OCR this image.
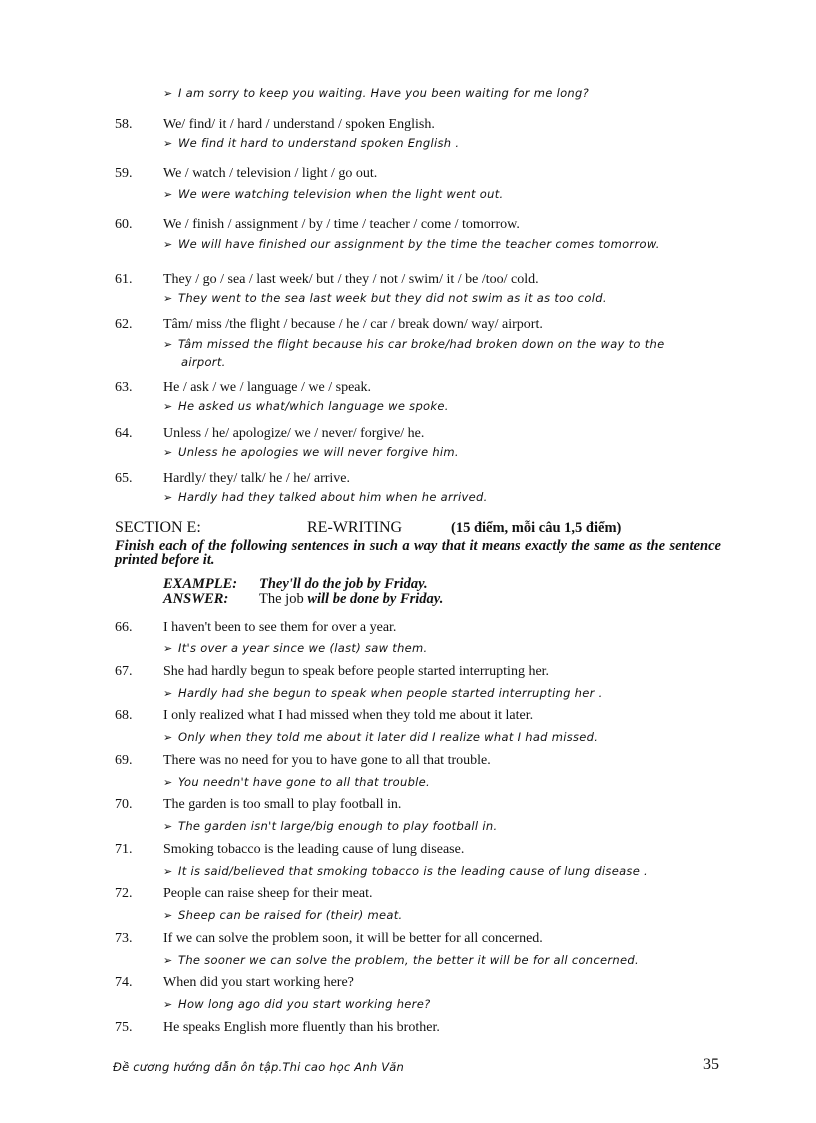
➢ I am sorry to keep you waiting. Have you been waiting for me long?
58. We/ find/ it / hard / understand / spoken English.
➢ We find it hard to understand spoken English .
59. We / watch / television / light / go out.
➢ We were watching television when the light went out.
60. We / finish / assignment / by / time / teacher / come / tomorrow.
➢ We will have finished our assignment by the time the teacher comes tomorrow.
61. They / go / sea / last week/ but / they / not / swim/ it / be /too/ cold.
➢ They went to the sea last week but they did not swim as it as too cold.
62. Tâm/ miss /the flight / because / he / car / break down/ way/ airport.
➢ Tâm missed the flight because his car broke/had broken down on the way to the
airport.
63. He / ask / we / language / we / speak.
➢ He asked us what/which language we spoke.
64. Unless / he/ apologize/ we / never/ forgive/ he.
➢ Unless he apologies we will never forgive him.
65. Hardly/ they/ talk/ he / he/ arrive.
➢ Hardly had they talked about him when he arrived.
SECTION E:	RE-WRITING	(15 điểm, mỗi câu 1,5 điểm)
Finish each of the following sentences in such a way that it means exactly the same as the sentence printed before it.
EXAMPLE: They'll do the job by Friday.
ANSWER: The job will be done by Friday.
66. I haven't been to see them for over a year.
➢ It's over a year since we (last) saw them.
67. She had hardly begun to speak before people started interrupting her.
➢ Hardly had she begun to speak when people started interrupting her .
68. I only realized what I had missed when they told me about it later.
➢ Only when they told me about it later did I realize what I had missed.
69. There was no need for you to have gone to all that trouble.
➢ You needn't have gone to all that trouble.
70. The garden is too small to play football in.
➢ The garden isn't large/big enough to play football in.
71. Smoking tobacco is the leading cause of lung disease.
➢ It is said/believed that smoking tobacco is the leading cause of lung disease .
72. People can raise sheep for their meat.
➢ Sheep can be raised for (their) meat.
73. If we can solve the problem soon, it will be better for all concerned.
➢ The sooner we can solve the problem, the better it will be for all concerned.
74. When did you start working here?
➢ How long ago did you start working here?
75. He speaks English more fluently than his brother.
Đề cương hướng dẫn ôn tập.Thi cao học Anh Văn	35
